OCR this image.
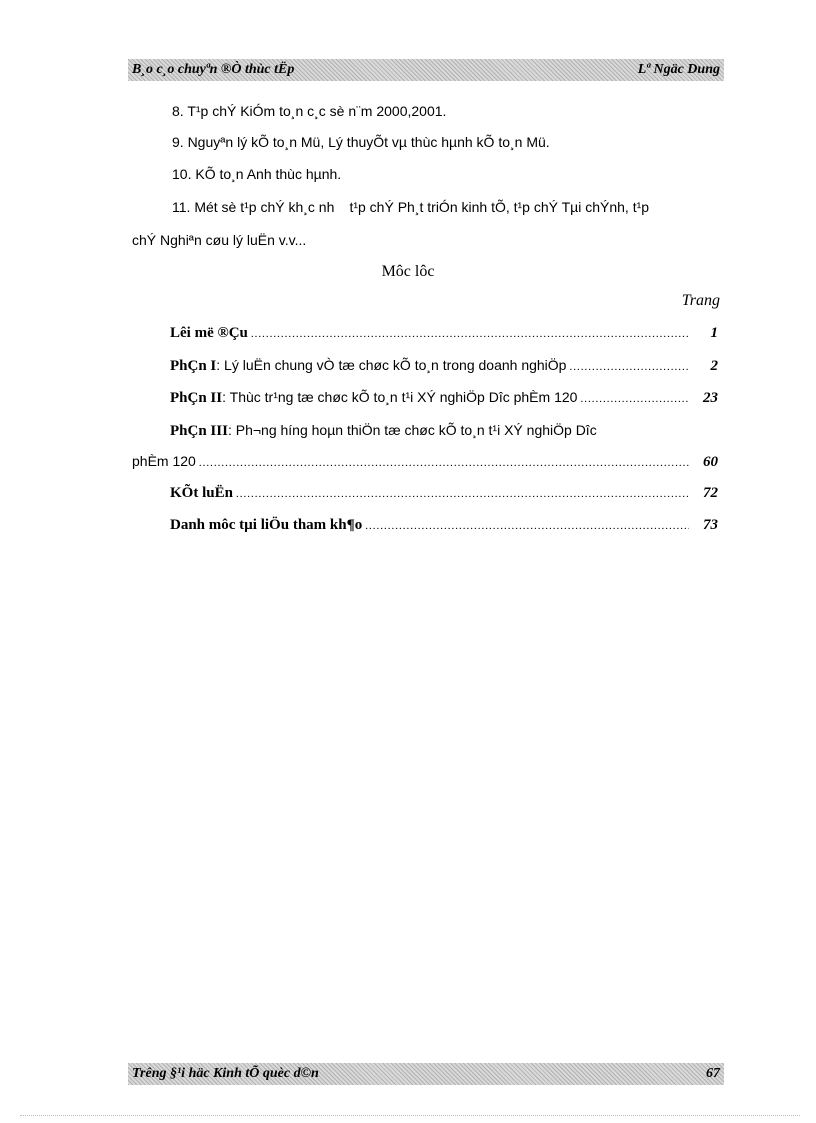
B¸o c¸o chuyªn ®Ò thùc tËp	Lª Ngäc Dung
8. T¹p chÝ KiÓm to¸n c¸c sè n¨m 2000,2001.
9. Nguyªn lý kÕ to¸n Mü, Lý thuyÕt vµ thùc hµnh kÕ to¸n Mü.
10. KÕ to¸n Anh thùc hµnh.
11. Mét sè t¹p chÝ kh¸c nh t¹p chÝ Ph¸t triÓn kinh tÕ, t¹p chÝ Tµi chÝnh, t¹p
chÝ Nghiªn cøu lý luËn v.v...
Môc lôc
Trang
Lêi më ®Çu .....	1
PhÇn I : Lý luËn chung vÒ tæ chøc kÕ to¸n trong doanh nghiÖp .....	2
PhÇn II : Thùc tr¹ng tæ chøc kÕ to¸n t¹i XÝ nghiÖp Dîc phÈm 120 .....	23
PhÇn III : Ph¬ng híng hoµn thiÖn tæ chøc kÕ to¸n t¹i XÝ nghiÖp Dîc
phÈm 120 .....	60
KÕt luËn .....	72
Danh môc tµi liÖu tham kh¶o .....	73
Trêng §¹i häc Kinh tÕ quèc d©n	67
